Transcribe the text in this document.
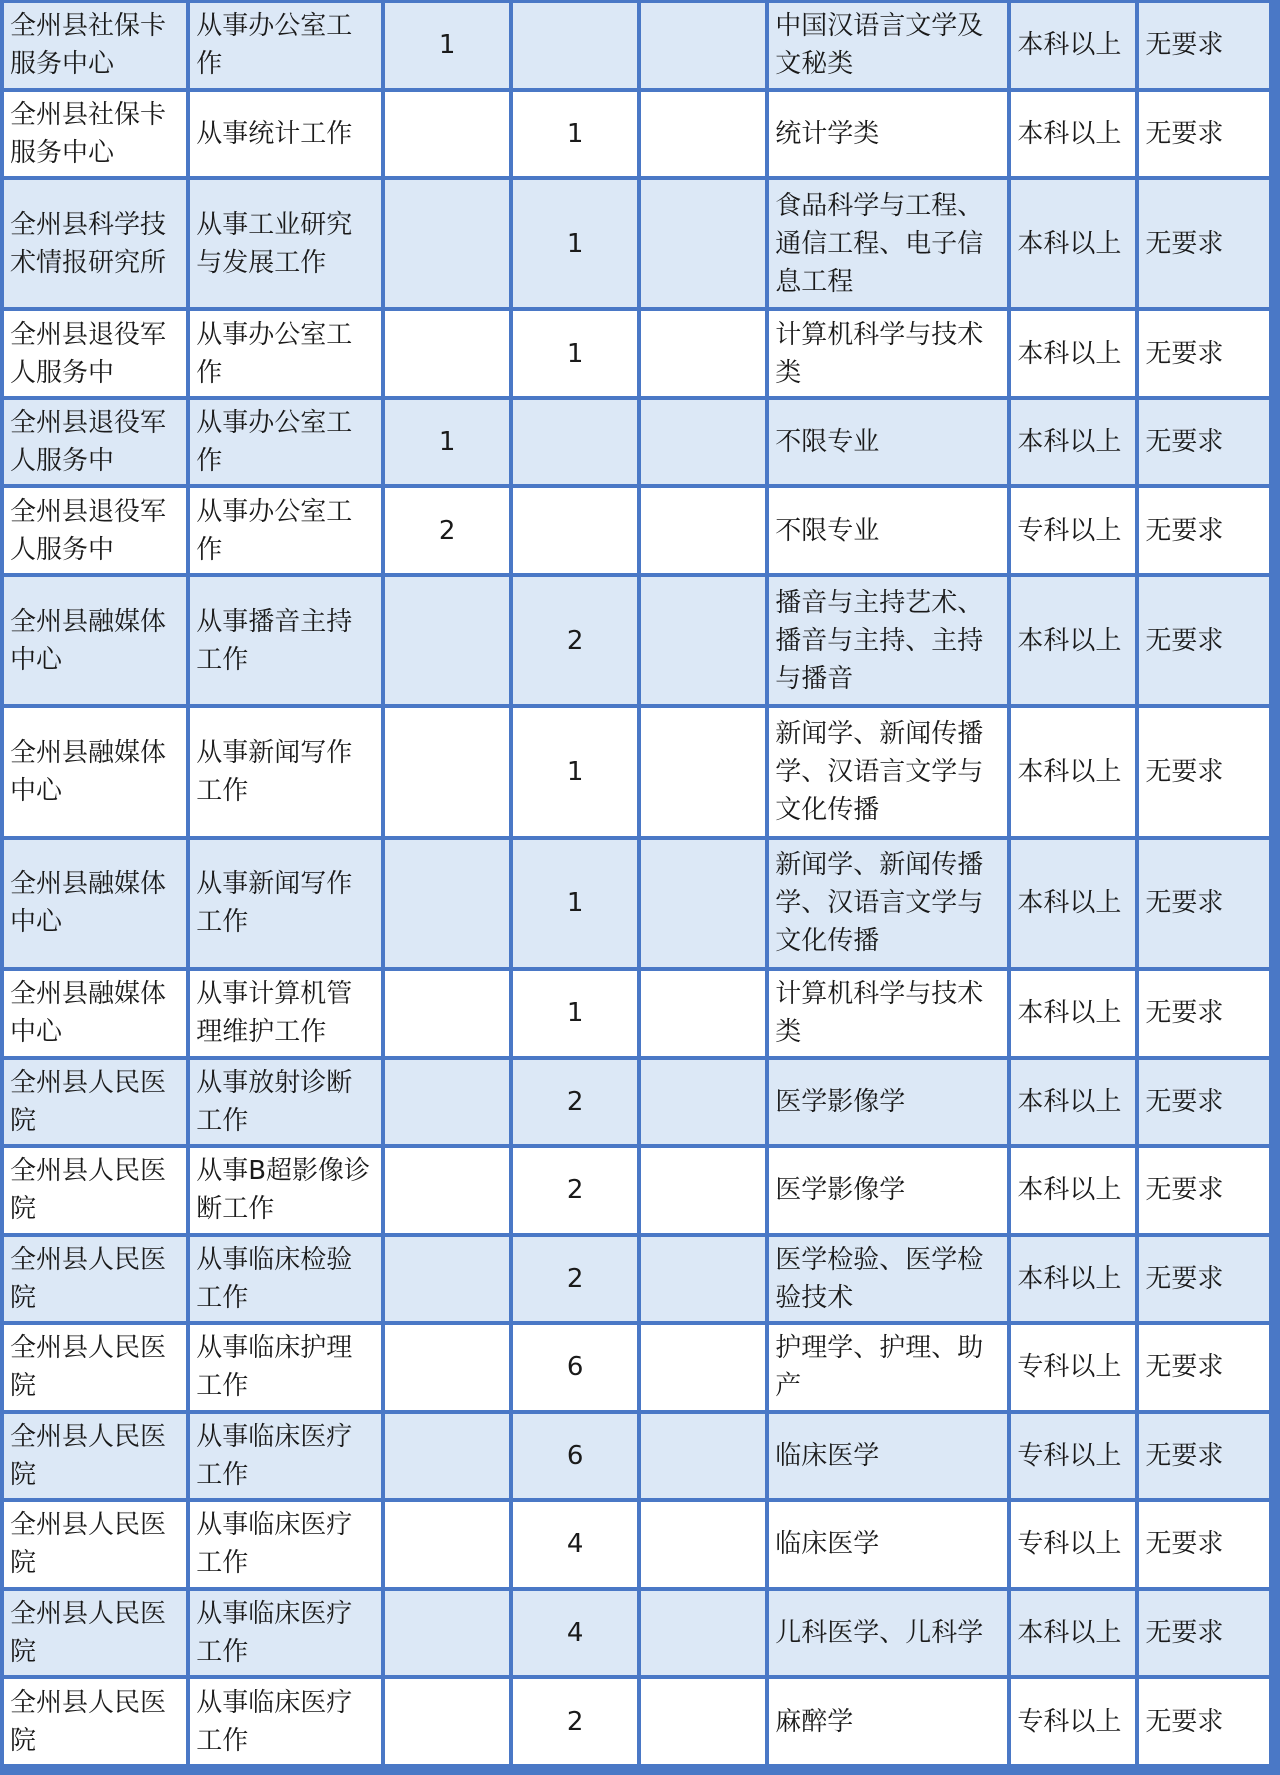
全州县社保卡服务中心	从事办公室工作	1			中国汉语言文学及文秘类	本科以上	无要求
全州县社保卡服务中心	从事统计工作		1		统计学类	本科以上	无要求
全州县科学技术情报研究所	从事工业研究与发展工作		1		食品科学与工程、通信工程、电子信息工程	本科以上	无要求
全州县退役军人服务中	从事办公室工作		1		计算机科学与技术类	本科以上	无要求
全州县退役军人服务中	从事办公室工作	1			不限专业	本科以上	无要求
全州县退役军人服务中	从事办公室工作	2			不限专业	专科以上	无要求
全州县融媒体中心	从事播音主持工作		2		播音与主持艺术、播音与主持、主持与播音	本科以上	无要求
全州县融媒体中心	从事新闻写作工作		1		新闻学、新闻传播学、汉语言文学与文化传播	本科以上	无要求
全州县融媒体中心	从事新闻写作工作		1		新闻学、新闻传播学、汉语言文学与文化传播	本科以上	无要求
全州县融媒体中心	从事计算机管理维护工作		1		计算机科学与技术类	本科以上	无要求
全州县人民医院	从事放射诊断工作		2		医学影像学	本科以上	无要求
全州县人民医院	从事B超影像诊断工作		2		医学影像学	本科以上	无要求
全州县人民医院	从事临床检验工作		2		医学检验、医学检验技术	本科以上	无要求
全州县人民医院	从事临床护理工作		6		护理学、护理、助产	专科以上	无要求
全州县人民医院	从事临床医疗工作		6		临床医学	专科以上	无要求
全州县人民医院	从事临床医疗工作		4		临床医学	专科以上	无要求
全州县人民医院	从事临床医疗工作		4		儿科医学、儿科学	本科以上	无要求
全州县人民医院	从事临床医疗工作		2		麻醉学	专科以上	无要求
